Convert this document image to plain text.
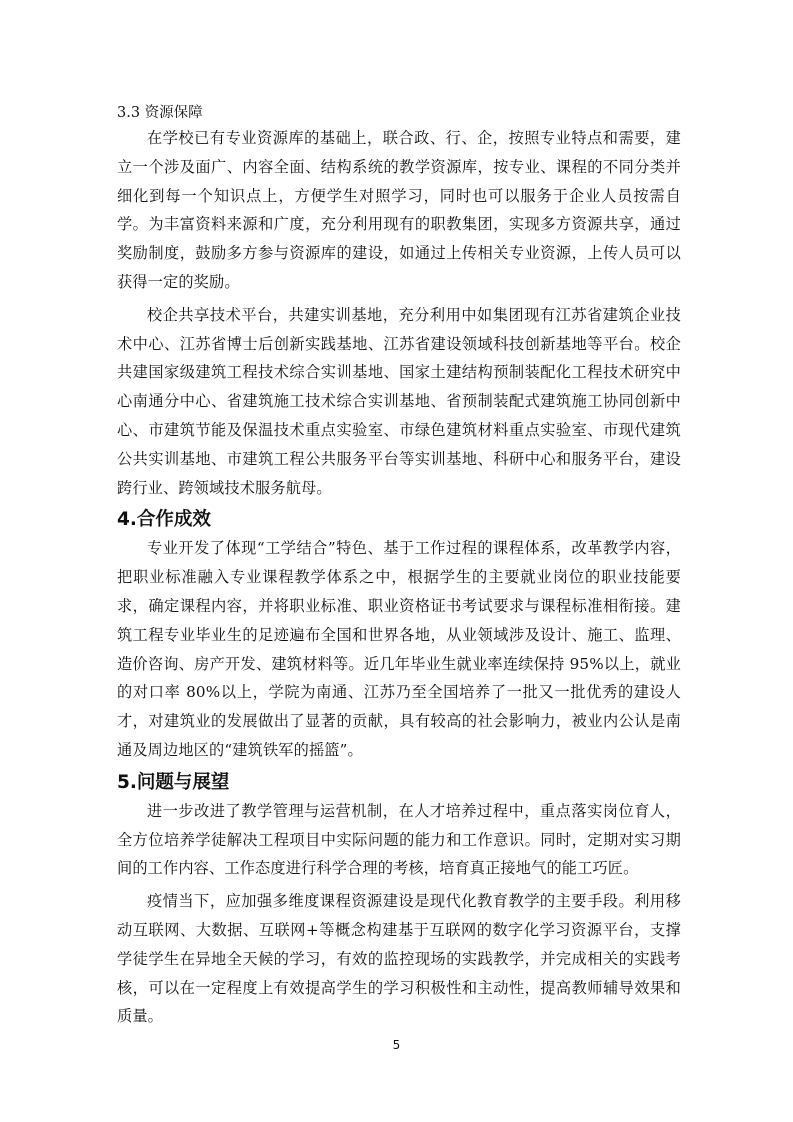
3.3 资源保障

在学校已有专业资源库的基础上，联合政、行、企，按照专业特点和需要，建立一个涉及面广、内容全面、结构系统的教学资源库，按专业、课程的不同分类并细化到每一个知识点上，方便学生对照学习，同时也可以服务于企业人员按需自学。为丰富资料来源和广度，充分利用现有的职教集团，实现多方资源共享，通过奖励制度，鼓励多方参与资源库的建设，如通过上传相关专业资源，上传人员可以获得一定的奖励。

校企共享技术平台，共建实训基地，充分利用中如集团现有江苏省建筑企业技术中心、江苏省博士后创新实践基地、江苏省建设领域科技创新基地等平台。校企共建国家级建筑工程技术综合实训基地、国家土建结构预制装配化工程技术研究中心南通分中心、省建筑施工技术综合实训基地、省预制装配式建筑施工协同创新中心、市建筑节能及保温技术重点实验室、市绿色建筑材料重点实验室、市现代建筑公共实训基地、市建筑工程公共服务平台等实训基地、科研中心和服务平台，建设跨行业、跨领域技术服务航母。

4.合作成效

专业开发了体现“工学结合”特色、基于工作过程的课程体系，改革教学内容，把职业标准融入专业课程教学体系之中，根据学生的主要就业岗位的职业技能要求，确定课程内容，并将职业标准、职业资格证书考试要求与课程标准相衔接。建筑工程专业毕业生的足迹遍布全国和世界各地，从业领域涉及设计、施工、监理、造价咨询、房产开发、建筑材料等。近几年毕业生就业率连续保持 95%以上，就业的对口率 80%以上，学院为南通、江苏乃至全国培养了一批又一批优秀的建设人才，对建筑业的发展做出了显著的贡献，具有较高的社会影响力，被业内公认是南通及周边地区的“建筑铁军的摇篮”。

5.问题与展望

进一步改进了教学管理与运营机制，在人才培养过程中，重点落实岗位育人，全方位培养学徒解决工程项目中实际问题的能力和工作意识。同时，定期对实习期间的工作内容、工作态度进行科学合理的考核，培育真正接地气的能工巧匠。

疫情当下，应加强多维度课程资源建设是现代化教育教学的主要手段。利用移动互联网、大数据、互联网+等概念构建基于互联网的数字化学习资源平台，支撑学徒学生在异地全天候的学习，有效的监控现场的实践教学，并完成相关的实践考核，可以在一定程度上有效提高学生的学习积极性和主动性，提高教师辅导效果和质量。

5
